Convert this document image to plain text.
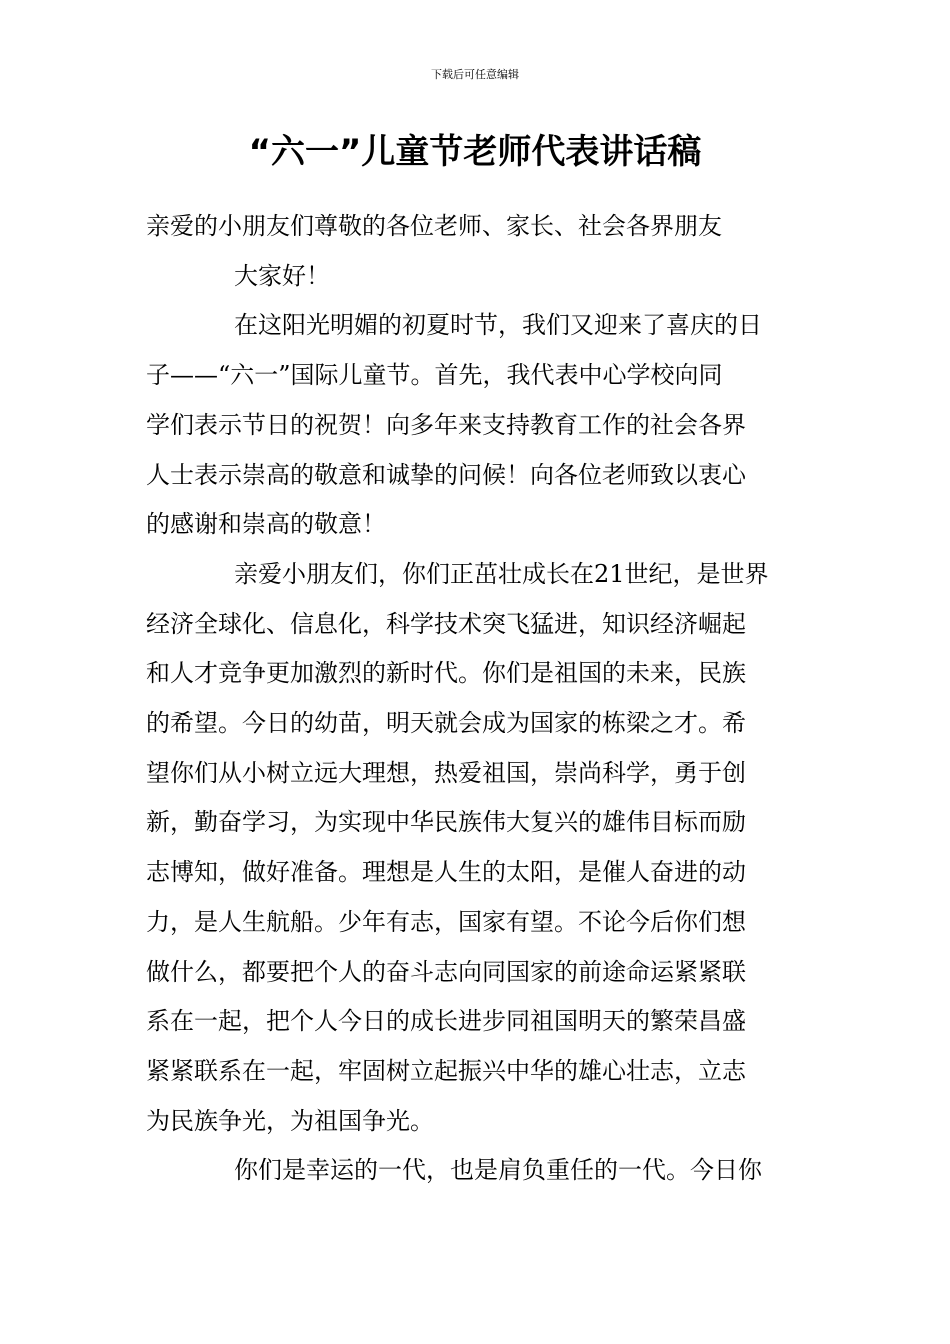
下载后可任意编辑
“六一”儿童节老师代表讲话稿

亲爱的小朋友们尊敬的各位老师、家长、社会各界朋友

大家好！

在这阳光明媚的初夏时节，我们又迎来了喜庆的日

子——“六一”国际儿童节。首先，我代表中心学校向同

学们表示节日的祝贺！向多年来支持教育工作的社会各界

人士表示崇高的敬意和诚挚的问候！向各位老师致以衷心

的感谢和崇高的敬意！

亲爱小朋友们，你们正茁壮成长在21世纪，是世界

经济全球化、信息化，科学技术突飞猛进，知识经济崛起

和人才竞争更加激烈的新时代。你们是祖国的未来，民族

的希望。今日的幼苗，明天就会成为国家的栋梁之才。希

望你们从小树立远大理想，热爱祖国，崇尚科学，勇于创

新，勤奋学习，为实现中华民族伟大复兴的雄伟目标而励

志博知，做好准备。理想是人生的太阳，是催人奋进的动

力，是人生航船。少年有志，国家有望。不论今后你们想

做什么，都要把个人的奋斗志向同国家的前途命运紧紧联

系在一起，把个人今日的成长进步同祖国明天的繁荣昌盛

紧紧联系在一起，牢固树立起振兴中华的雄心壮志，立志

为民族争光，为祖国争光。

你们是幸运的一代，也是肩负重任的一代。今日你
